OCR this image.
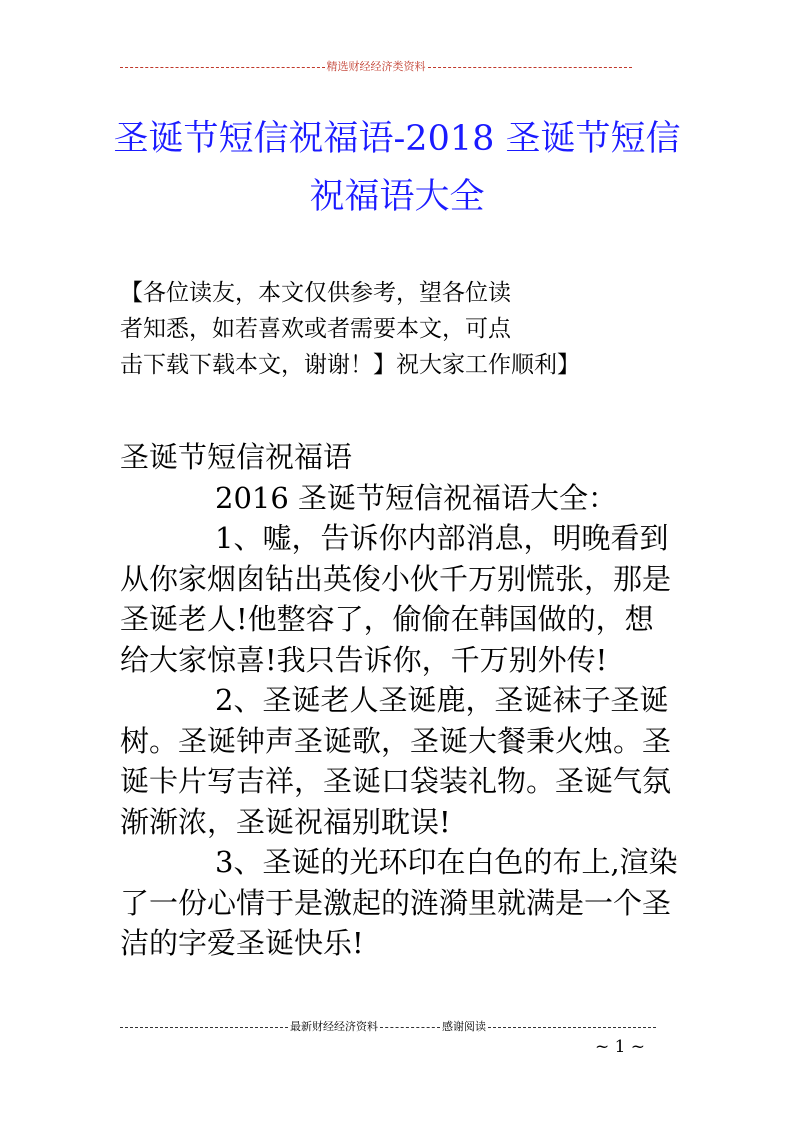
精选财经经济类资料
圣诞节短信祝福语-2018 圣诞节短信
祝福语大全
【各位读友，本文仅供参考，望各位读
者知悉，如若喜欢或者需要本文，可点
击下载下载本文，谢谢！】祝大家工作顺利】

圣诞节短信祝福语

2016 圣诞节短信祝福语大全：

1、嘘，告诉你内部消息，明晚看到从你家烟囱钻出英俊小伙千万别慌张，那是圣诞老人!他整容了，偷偷在韩国做的，想给大家惊喜!我只告诉你，千万别外传!

2、圣诞老人圣诞鹿，圣诞袜子圣诞树。圣诞钟声圣诞歌，圣诞大餐秉火烛。圣诞卡片写吉祥，圣诞口袋装礼物。圣诞气氛渐渐浓，圣诞祝福别耽误!

3、圣诞的光环印在白色的布上,渲染了一份心情于是激起的涟漪里就满是一个圣洁的字爱圣诞快乐!

最新财经经济资料	感谢阅读
~ 1 ~
